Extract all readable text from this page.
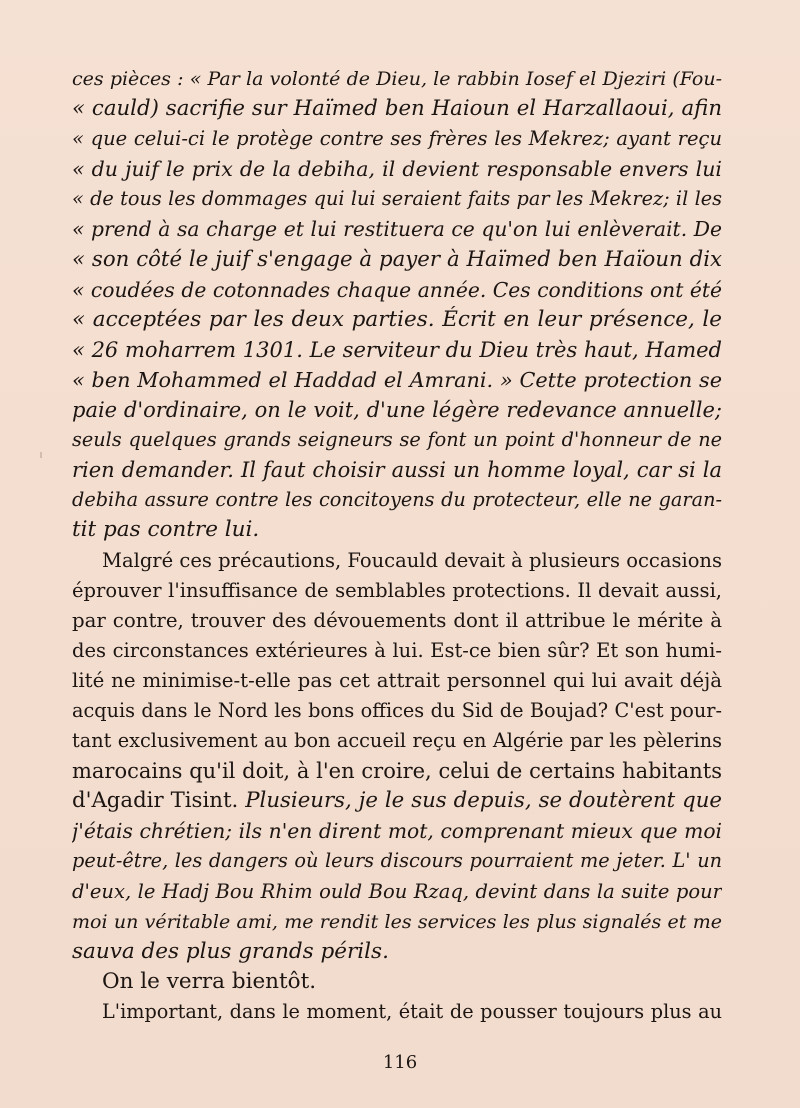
ces pièces : « Par la volonté de Dieu, le rabbin Iosef el Djeziri (Fou-
« cauld) sacrifie sur Haïmed ben Haioun el Harzallaoui, afin
« que celui-ci le protège contre ses frères les Mekrez; ayant reçu
« du juif le prix de la debiha, il devient responsable envers lui
« de tous les dommages qui lui seraient faits par les Mekrez; il les
« prend à sa charge et lui restituera ce qu'on lui enlèverait. De
« son côté le juif s'engage à payer à Haïmed ben Haïoun dix
« coudées de cotonnades chaque année. Ces conditions ont été
« acceptées par les deux parties. Écrit en leur présence, le
« 26 moharrem 1301. Le serviteur du Dieu très haut, Hamed
« ben Mohammed el Haddad el Amrani. » Cette protection se
paie d'ordinaire, on le voit, d'une légère redevance annuelle;
seuls quelques grands seigneurs se font un point d'honneur de ne
rien demander. Il faut choisir aussi un homme loyal, car si la
debiha assure contre les concitoyens du protecteur, elle ne garan-
tit pas contre lui.
Malgré ces précautions, Foucauld devait à plusieurs occasions
éprouver l'insuffisance de semblables protections. Il devait aussi,
par contre, trouver des dévouements dont il attribue le mérite à
des circonstances extérieures à lui. Est-ce bien sûr? Et son humi-
lité ne minimise-t-elle pas cet attrait personnel qui lui avait déjà
acquis dans le Nord les bons offices du Sid de Boujad? C'est pour-
tant exclusivement au bon accueil reçu en Algérie par les pèlerins
marocains qu'il doit, à l'en croire, celui de certains habitants
d'Agadir Tisint. Plusieurs, je le sus depuis, se doutèrent que
j'étais chrétien; ils n'en dirent mot, comprenant mieux que moi
peut-être, les dangers où leurs discours pourraient me jeter. L' un
d'eux, le Hadj Bou Rhim ould Bou Rzaq, devint dans la suite pour
moi un véritable ami, me rendit les services les plus signalés et me
sauva des plus grands périls.
On le verra bientôt.
L'important, dans le moment, était de pousser toujours plus au
116
